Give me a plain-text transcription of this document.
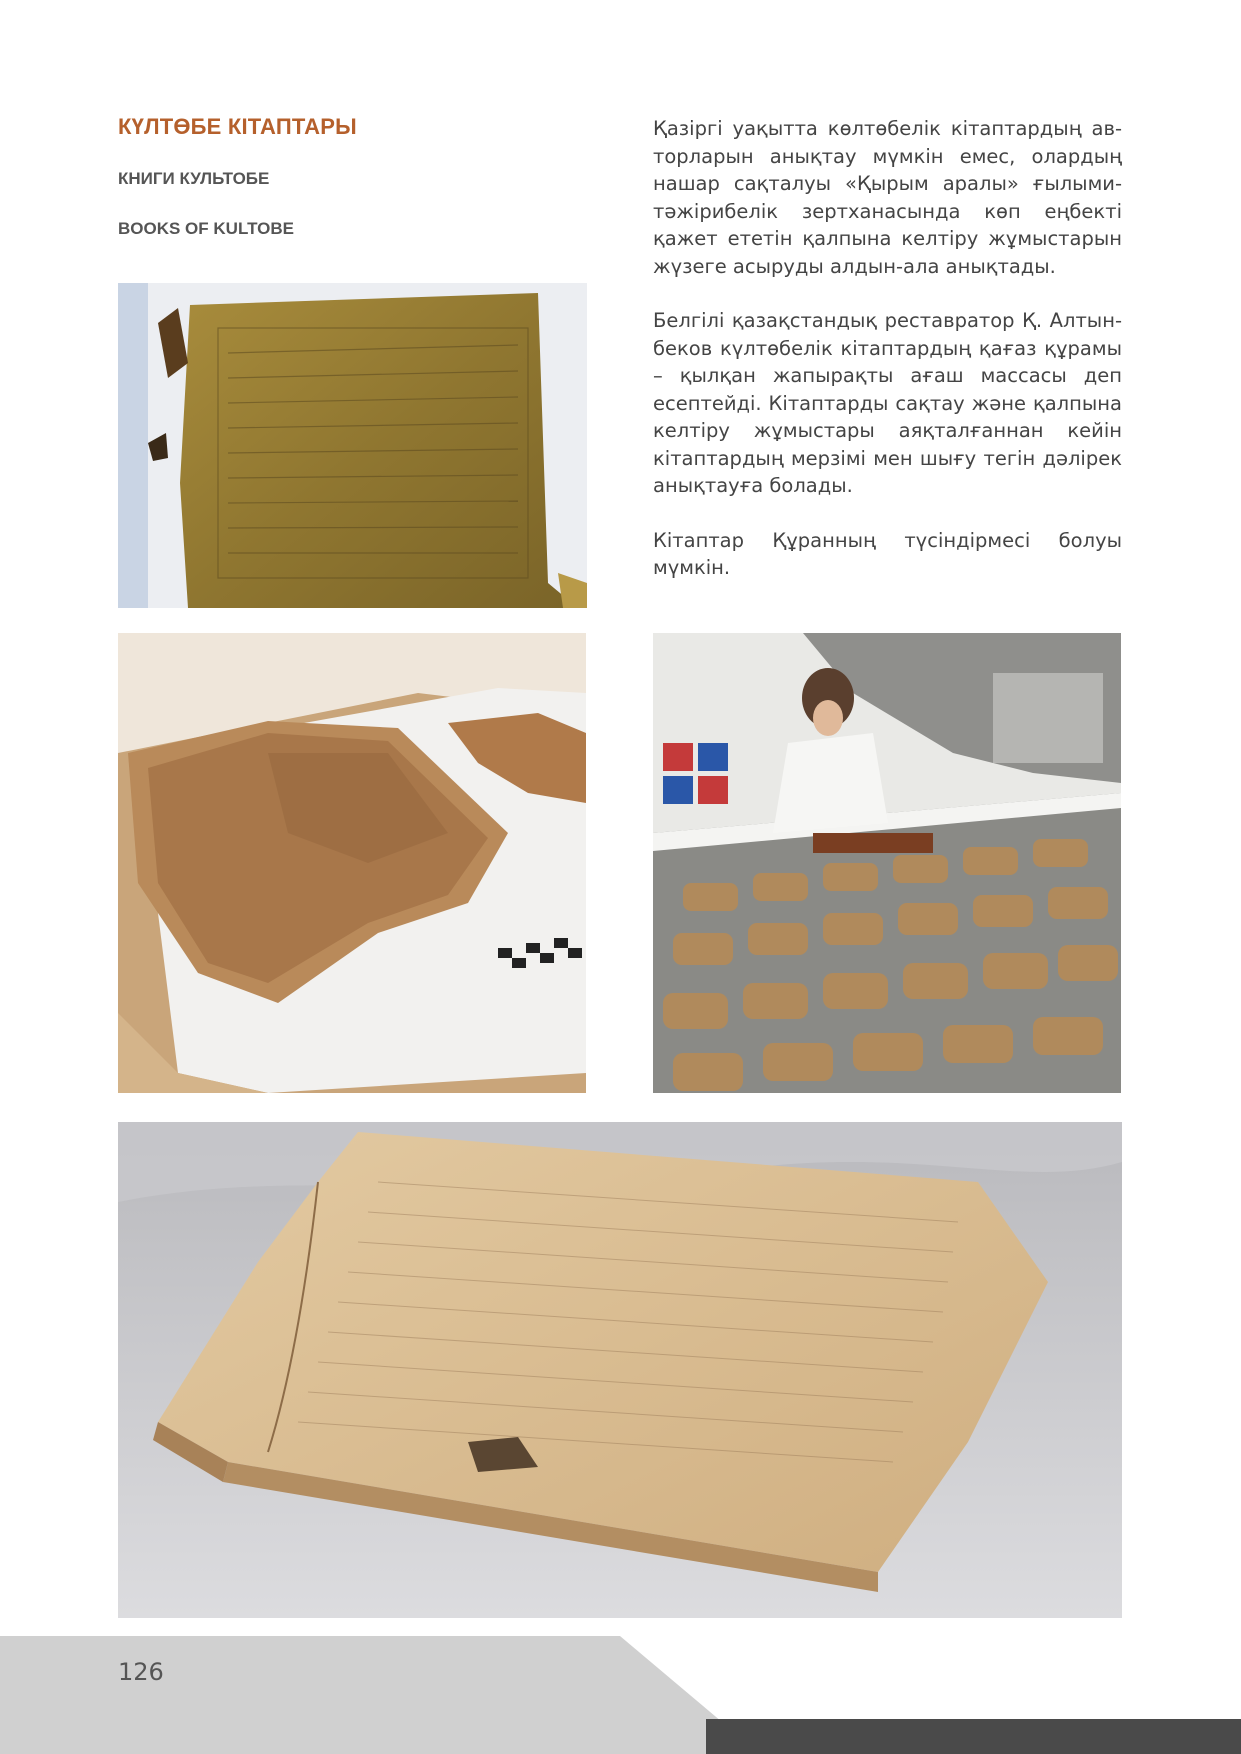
КҮЛТӨБЕ КІТАПТАРЫ
КНИГИ КУЛЬТОБЕ
BOOKS OF KULTOBE

Қазіргі уақытта көлтөбелік кітаптардың авторларын анықтау мүмкін емес, олардың нашар сақталуы «Қырым аралы» ғылыми-тәжірибелік зертханасында көп еңбекті қажет ететін қалпына келтіру жұмыстарын жүзеге асыруды алдын-ала анықтады.

Белгілі қазақстандық реставратор Қ. Алтынбеков күлтөбелік кітаптардың қағаз құрамы – қылқан жапырақты ағаш массасы деп есептейді. Кітаптарды сақтау және қалпына келтіру жұмыстары аяқталғаннан кейін кітаптардың мерзімі мен шығу тегін дәлірек анықтауға болады.

Кітаптар Құранның түсіндірмесі болуы мүмкін.

126
